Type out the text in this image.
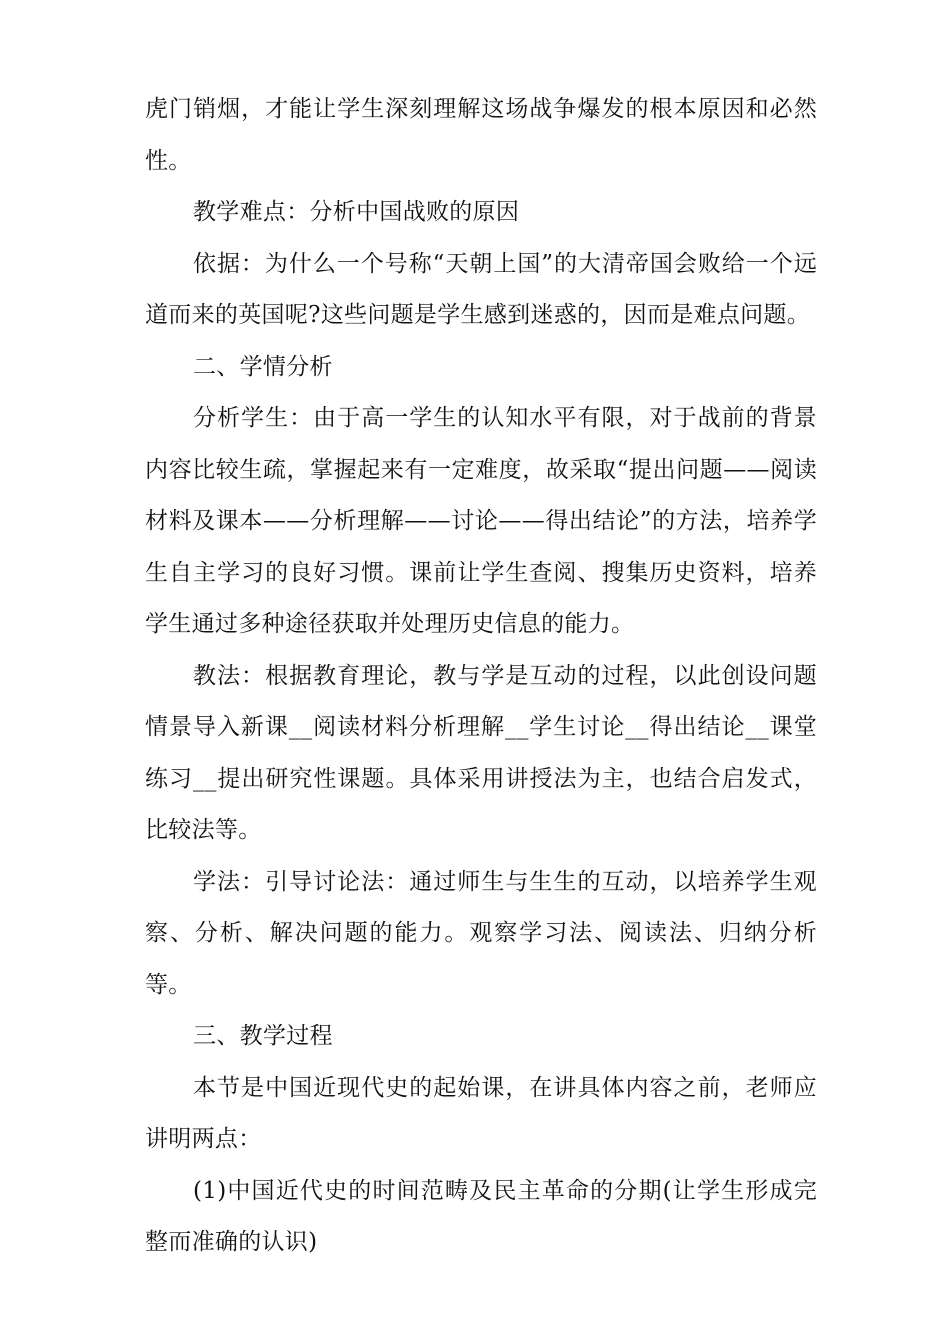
虎门销烟，才能让学生深刻理解这场战争爆发的根本原因和必然性。

教学难点：分析中国战败的原因

依据：为什么一个号称“天朝上国”的大清帝国会败给一个远道而来的英国呢?这些问题是学生感到迷惑的，因而是难点问题。

二、学情分析

分析学生：由于高一学生的认知水平有限，对于战前的背景内容比较生疏，掌握起来有一定难度，故采取“提出问题——阅读材料及课本——分析理解——讨论——得出结论”的方法，培养学生自主学习的良好习惯。课前让学生查阅、搜集历史资料，培养学生通过多种途径获取并处理历史信息的能力。

教法：根据教育理论，教与学是互动的过程，以此创设问题情景导入新课__阅读材料分析理解__学生讨论__得出结论__课堂练习__提出研究性课题。具体采用讲授法为主，也结合启发式，比较法等。

学法：引导讨论法：通过师生与生生的互动，以培养学生观察、分析、解决问题的能力。观察学习法、阅读法、归纳分析等。

三、教学过程

本节是中国近现代史的起始课，在讲具体内容之前，老师应讲明两点：

(1)中国近代史的时间范畴及民主革命的分期(让学生形成完整而准确的认识)
